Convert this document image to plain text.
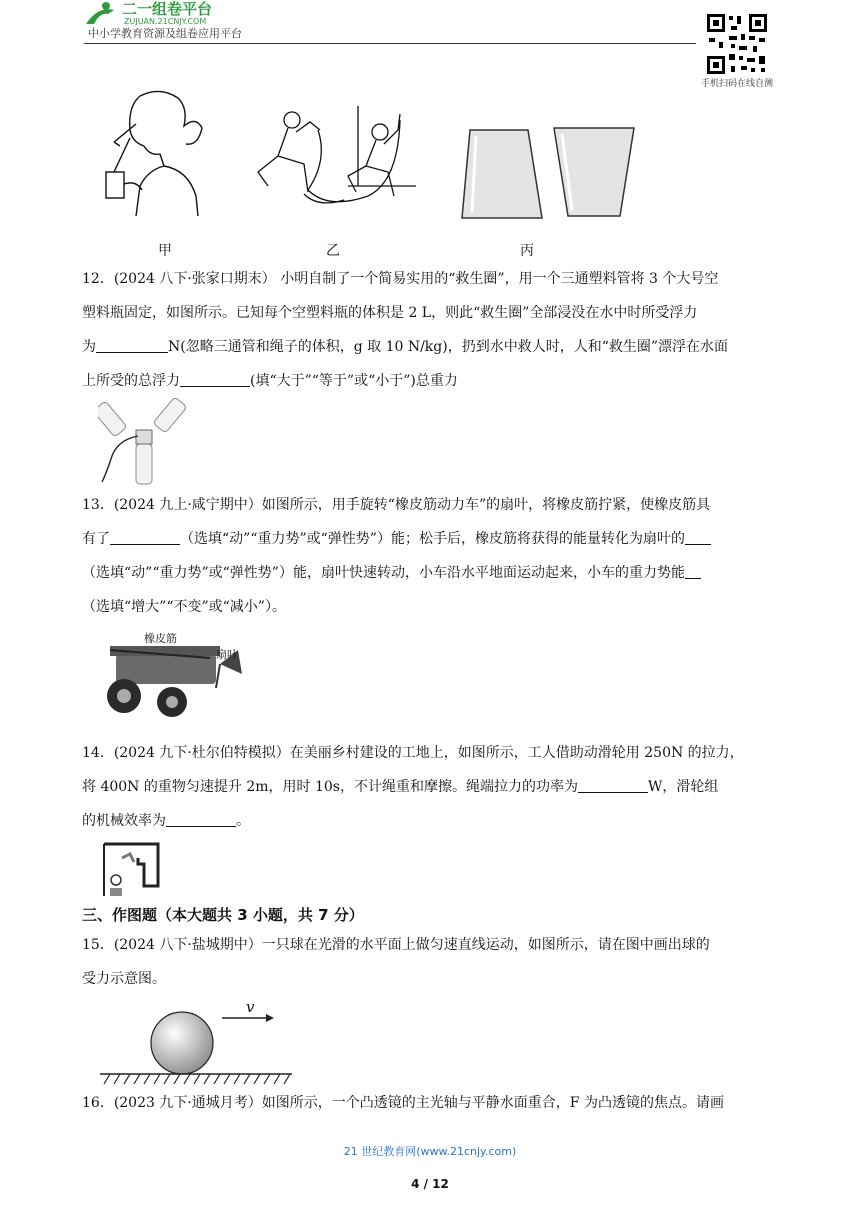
二一组卷平台
ZUJUAN.21CNJY.COM
中小学教育资源及组卷应用平台
手机扫码在线自测
甲	乙	丙

12．(2024 八下·张家口期末） 小明自制了一个简易实用的“救生圈”，用一个三通塑料管将 3 个大号空

塑料瓶固定，如图所示。已知每个空塑料瓶的体积是 2 L，则此“救生圈”全部浸没在水中时所受浮力

为	N(忽略三通管和绳子的体积，g 取 10 N/kg)，扔到水中救人时，人和“救生圈”漂浮在水面

上所受的总浮力	(填“大于”“等于”或“小于”)总重力

13．(2024 九上·咸宁期中）如图所示，用手旋转“橡皮筋动力车”的扇叶，将橡皮筋拧紧，使橡皮筋具

有了	（选填“动”“重力势”或“弹性势”）能；松手后，橡皮筋将获得的能量转化为扇叶的

（选填“动”“重力势”或“弹性势”）能，扇叶快速转动，小车沿水平地面运动起来，小车的重力势能

（选填“增大”“不变”或“减小”）。

橡皮筋
扇叶

14．(2024 九下·杜尔伯特模拟）在美丽乡村建设的工地上，如图所示，工人借助动滑轮用 250N 的拉力，

将 400N 的重物匀速提升 2m，用时 10s，不计绳重和摩擦。绳端拉力的功率为	W，滑轮组

的机械效率为	。

三、作图题（本大题共 3 小题，共 7 分）

15．(2024 八下·盐城期中）一只球在光滑的水平面上做匀速直线运动，如图所示，请在图中画出球的

受力示意图。

v

16．(2023 九下·通城月考）如图所示，一个凸透镜的主光轴与平静水面重合，F 为凸透镜的焦点。请画

21 世纪教育网(www.21cnjy.com)
4 / 12
